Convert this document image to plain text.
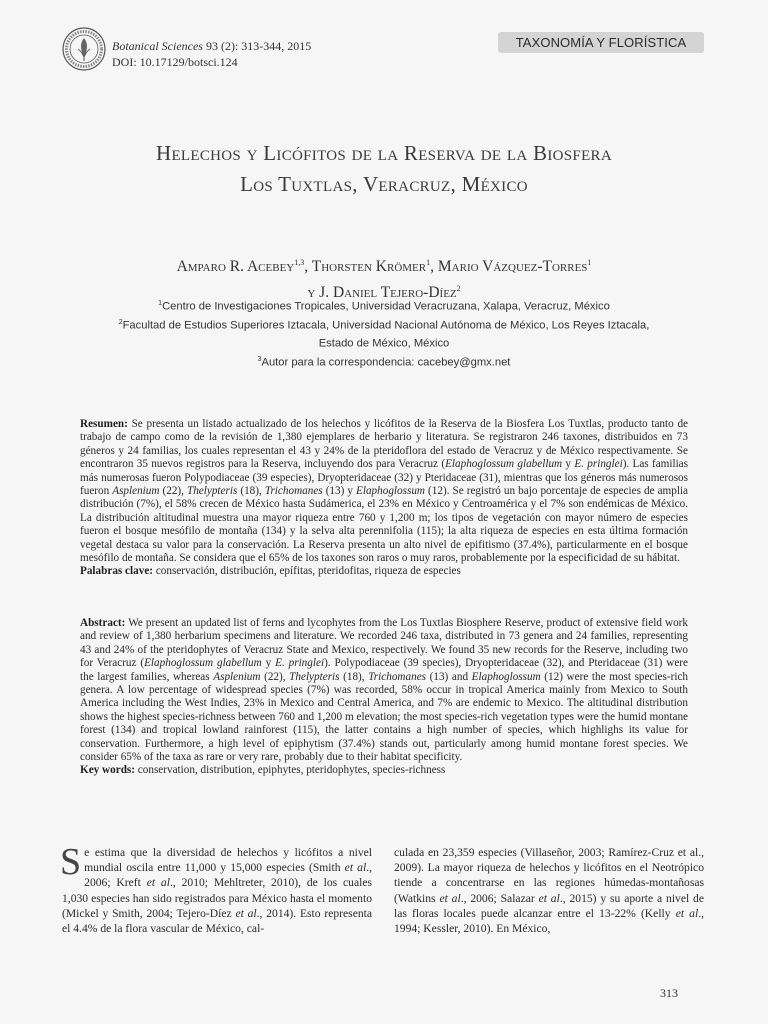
Botanical Sciences 93 (2): 313-344, 2015
DOI: 10.17129/botsci.124
TAXONOMÍA Y FLORÍSTICA
Helechos y Licófitos de la Reserva de la Biosfera
Los Tuxtlas, Veracruz, México
Amparo R. Acebey$^{1,3}$, Thorsten Krömer$^1$, Mario Vázquez-Torres$^1$
y J. Daniel Tejero-Díez$^2$
$^1$Centro de Investigaciones Tropicales, Universidad Veracruzana, Xalapa, Veracruz, México
$^2$Facultad de Estudios Superiores Iztacala, Universidad Nacional Autónoma de México, Los Reyes Iztacala,
Estado de México, México
$^3$Autor para la correspondencia: cacebey@gmx.net

Resumen: Se presenta un listado actualizado de los helechos y licófitos de la Reserva de la Biosfera Los Tuxtlas, producto tanto de trabajo de campo como de la revisión de 1,380 ejemplares de herbario y literatura. Se registraron 246 taxones, distribuidos en 73 géneros y 24 familias, los cuales representan el 43 y 24% de la pteridoflora del estado de Veracruz y de México respectivamente. Se encontraron 35 nuevos registros para la Reserva, incluyendo dos para Veracruz (Elaphoglossum glabellum y E. pringlei). Las familias más numerosas fueron Polypodiaceae (39 especies), Dryopteridaceae (32) y Pteridaceae (31), mientras que los géneros más numerosos fueron Asplenium (22), Thelypteris (18), Trichomanes (13) y Elaphoglossum (12). Se registró un bajo porcentaje de especies de amplia distribución (7%), el 58% crecen de México hasta Sudámerica, el 23% en México y Centroamérica y el 7% son endémicas de México. La distribución altitudinal muestra una mayor riqueza entre 760 y 1,200 m; los tipos de vegetación con mayor número de especies fueron el bosque mesófilo de montaña (134) y la selva alta perennifolia (115); la alta riqueza de especies en esta última formación vegetal destaca su valor para la conservación. La Reserva presenta un alto nivel de epifitismo (37.4%), particularmente en el bosque mesófilo de montaña. Se considera que el 65% de los taxones son raros o muy raros, probablemente por la especificidad de su hábitat.

Palabras clave: conservación, distribución, epífitas, pteridofitas, riqueza de especies

Abstract: We present an updated list of ferns and lycophytes from the Los Tuxtlas Biosphere Reserve, product of extensive field work and review of 1,380 herbarium specimens and literature. We recorded 246 taxa, distributed in 73 genera and 24 families, representing 43 and 24% of the pteridophytes of Veracruz State and Mexico, respectively. We found 35 new records for the Reserve, including two for Veracruz (Elaphoglossum glabellum y E. pringlei). Polypodiaceae (39 species), Dryopteridaceae (32), and Pteridaceae (31) were the largest families, whereas Asplenium (22), Thelypteris (18), Trichomanes (13) and Elaphoglossum (12) were the most species-rich genera. A low percentage of widespread species (7%) was recorded, 58% occur in tropical America mainly from Mexico to South America including the West Indies, 23% in Mexico and Central America, and 7% are endemic to Mexico. The altitudinal distribution shows the highest species-richness between 760 and 1,200 m elevation; the most species-rich vegetation types were the humid montane forest (134) and tropical lowland rainforest (115), the latter contains a high number of species, which highlighs its value for conservation. Furthermore, a high level of epiphytism (37.4%) stands out, particularly among humid montane forest species. We consider 65% of the taxa as rare or very rare, probably due to their habitat specificity.

Key words: conservation, distribution, epiphytes, pteridophytes, species-richness

Se estima que la diversidad de helechos y licófitos a nivel mundial oscila entre 11,000 y 15,000 especies (Smith et al., 2006; Kreft et al., 2010; Mehltreter, 2010), de los cuales 1,030 especies han sido registrados para México hasta el momento (Mickel y Smith, 2004; Tejero-Díez et al., 2014). Esto representa el 4.4% de la flora vascular de México, cal-

culada en 23,359 especies (Villaseñor, 2003; Ramírez-Cruz et al., 2009). La mayor riqueza de helechos y licófitos en el Neotrópico tiende a concentrarse en las regiones húmedas-montañosas (Watkins et al., 2006; Salazar et al., 2015) y su aporte a nivel de las floras locales puede alcanzar entre el 13-22% (Kelly et al., 1994; Kessler, 2010). En México,

313
